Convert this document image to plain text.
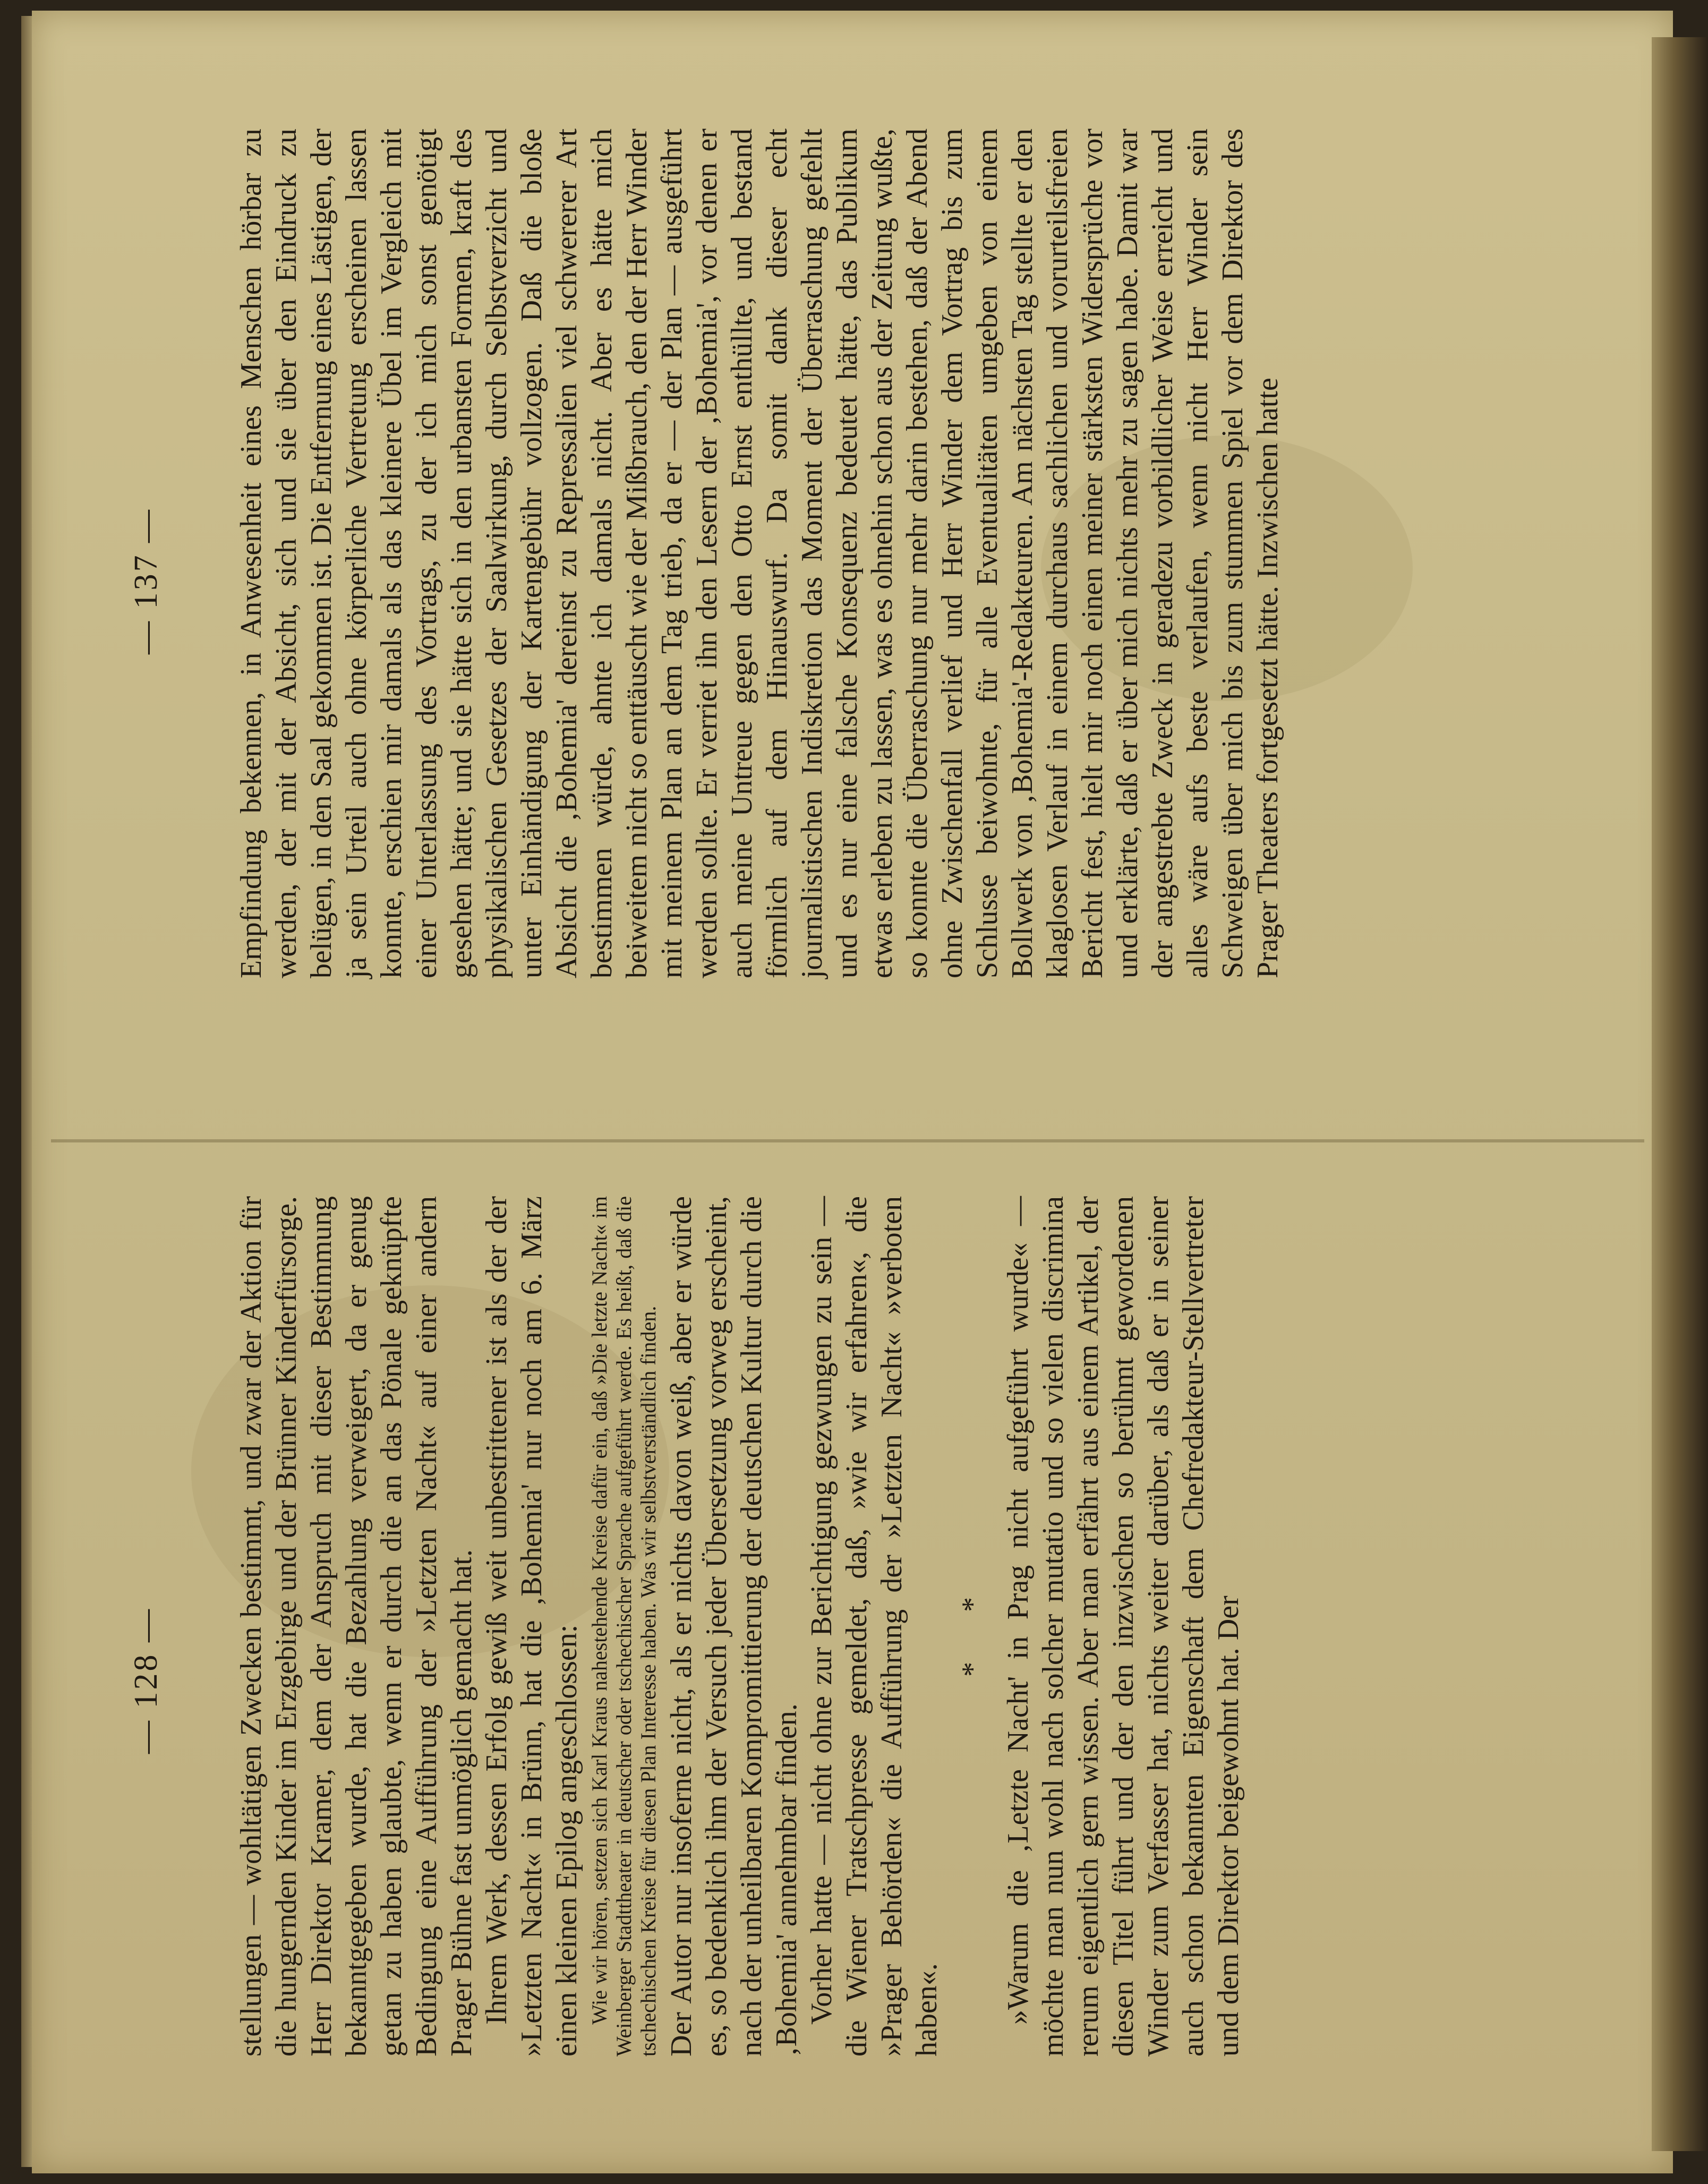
— 128 — stellungen — wohltätigen Zwecken bestimmt, und zwar der Aktion für die hungernden Kinder im Erzgebirge und der Brünner Kinderfürsorge. Herr Direktor Kramer, dem der Anspruch mit dieser Bestimmung bekanntgegeben wurde, hat die Bezahlung verweigert, da er genug getan zu haben glaubte, wenn er durch die an das Pönale geknüpfte Bedingung eine Aufführung der »Letzten Nacht« auf einer andern Prager Bühne fast unmöglich gemacht hat. Ihrem Werk, dessen Erfolg gewiß weit unbestrittener ist als der der »Letzten Nacht« in Brünn, hat die ‚Bohemia' nur noch am 6. März einen kleinen Epilog angeschlossen: Wie wir hören, setzen sich Karl Kraus nahestehende Kreise dafür ein, daß »Die letzte Nacht« im Weinberger Stadttheater in deutscher oder tschechischer Sprache aufgeführt werde. Es heißt, daß die tschechischen Kreise für diesen Plan Interesse haben. Was wir selbstverständlich finden. Der Autor nur insoferne nicht, als er nichts davon weiß, aber er würde es, so bedenklich ihm der Versuch jeder Übersetzung vorweg erscheint, nach der unheilbaren Kompromittierung der deutschen Kultur durch die ‚Bohemia' annehmbar finden. Vorher hatte — nicht ohne zur Berichtigung gezwungen zu sein — die Wiener Tratschpresse gemeldet, daß, »wie wir erfahren«, die »Prager Behörden« die Aufführung der »Letzten Nacht« »verboten haben«.

* * »Warum die ‚Letzte Nacht' in Prag nicht aufgeführt wurde« — möchte man nun wohl nach solcher mutatio und so vielen discrimina rerum eigentlich gern wissen. Aber man erfährt aus einem Artikel, der diesen Titel führt und der den inzwischen so berühmt gewordenen Winder zum Verfasser hat, nichts weiter darüber, als daß er in seiner auch schon bekannten Eigenschaft dem Chefredakteur-Stellvertreter und dem Direktor beigewohnt hat. Der

— 137 — Empfindung bekennen, in Anwesenheit eines Menschen hörbar zu werden, der mit der Absicht, sich und sie über den Eindruck zu belügen, in den Saal gekommen ist. Die Entfernung eines Lästigen, der ja sein Urteil auch ohne körperliche Vertretung erscheinen lassen konnte, erschien mir damals als das kleinere Übel im Vergleich mit einer Unterlassung des Vortrags, zu der ich mich sonst genötigt gesehen hätte; und sie hätte sich in den urbansten Formen, kraft des physikalischen Gesetzes der Saalwirkung, durch Selbstverzicht und unter Einhändigung der Kartengebühr vollzogen. Daß die bloße Absicht die ‚Bohemia' dereinst zu Repressalien viel schwererer Art bestimmen würde, ahnte ich damals nicht. Aber es hätte mich beiweitem nicht so enttäuscht wie der Mißbrauch, den der Herr Winder mit meinem Plan an dem Tag trieb, da er — der Plan — ausgeführt werden sollte. Er verriet ihn den Lesern der ‚Bohemia', vor denen er auch meine Untreue gegen den Otto Ernst enthüllte, und bestand förmlich auf dem Hinauswurf. Da somit dank dieser echt journalistischen Indiskretion das Moment der Überraschung gefehlt und es nur eine falsche Konsequenz bedeutet hätte, das Publikum etwas erleben zu lassen, was es ohnehin schon aus der Zeitung wußte, so konnte die Überraschung nur mehr darin bestehen, daß der Abend ohne Zwischenfall verlief und Herr Winder dem Vortrag bis zum Schlusse beiwohnte, für alle Eventualitäten umgeben von einem Bollwerk von ‚Bohemia'-Redakteuren. Am nächsten Tag stellte er den klaglosen Verlauf in einem durchaus sachlichen und vorurteilsfreien Bericht fest, hielt mir noch einen meiner stärksten Widersprüche vor und erklärte, daß er über mich nichts mehr zu sagen habe. Damit war der angestrebte Zweck in geradezu vorbildlicher Weise erreicht und alles wäre aufs beste verlaufen, wenn nicht Herr Winder sein Schweigen über mich bis zum stummen Spiel vor dem Direktor des Prager Theaters fortgesetzt hätte. Inzwischen hatte
